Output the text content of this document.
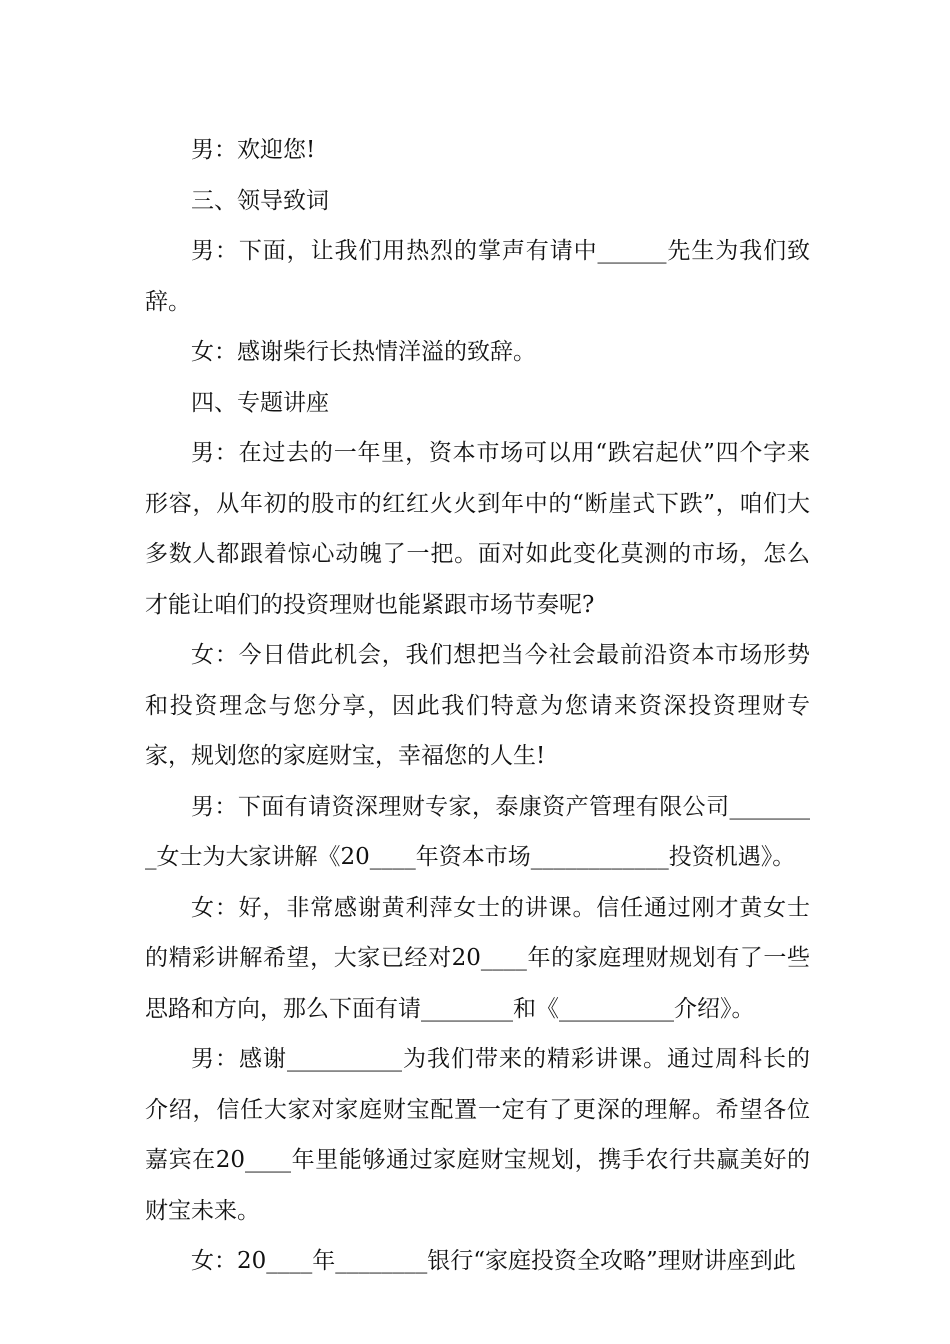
男：欢迎您!

三、领导致词

男：下面，让我们用热烈的掌声有请中______先生为我们致辞。

女：感谢柴行长热情洋溢的致辞。

四、专题讲座

男：在过去的一年里，资本市场可以用“跌宕起伏”四个字来形容，从年初的股市的红红火火到年中的“断崖式下跌”，咱们大多数人都跟着惊心动魄了一把。面对如此变化莫测的市场，怎么才能让咱们的投资理财也能紧跟市场节奏呢?

女：今日借此机会，我们想把当今社会最前沿资本市场形势和投资理念与您分享，因此我们特意为您请来资深投资理财专家，规划您的家庭财宝，幸福您的人生!

男：下面有请资深理财专家，泰康资产管理有限公司________女士为大家讲解《20____年资本市场____________投资机遇》。

女：好，非常感谢黄利萍女士的讲课。信任通过刚才黄女士的精彩讲解希望，大家已经对20____年的家庭理财规划有了一些思路和方向，那么下面有请________和《__________介绍》。

男：感谢__________为我们带来的精彩讲课。通过周科长的介绍，信任大家对家庭财宝配置一定有了更深的理解。希望各位嘉宾在20____年里能够通过家庭财宝规划，携手农行共赢美好的财宝未来。

女：20____年________银行“家庭投资全攻略”理财讲座到此
